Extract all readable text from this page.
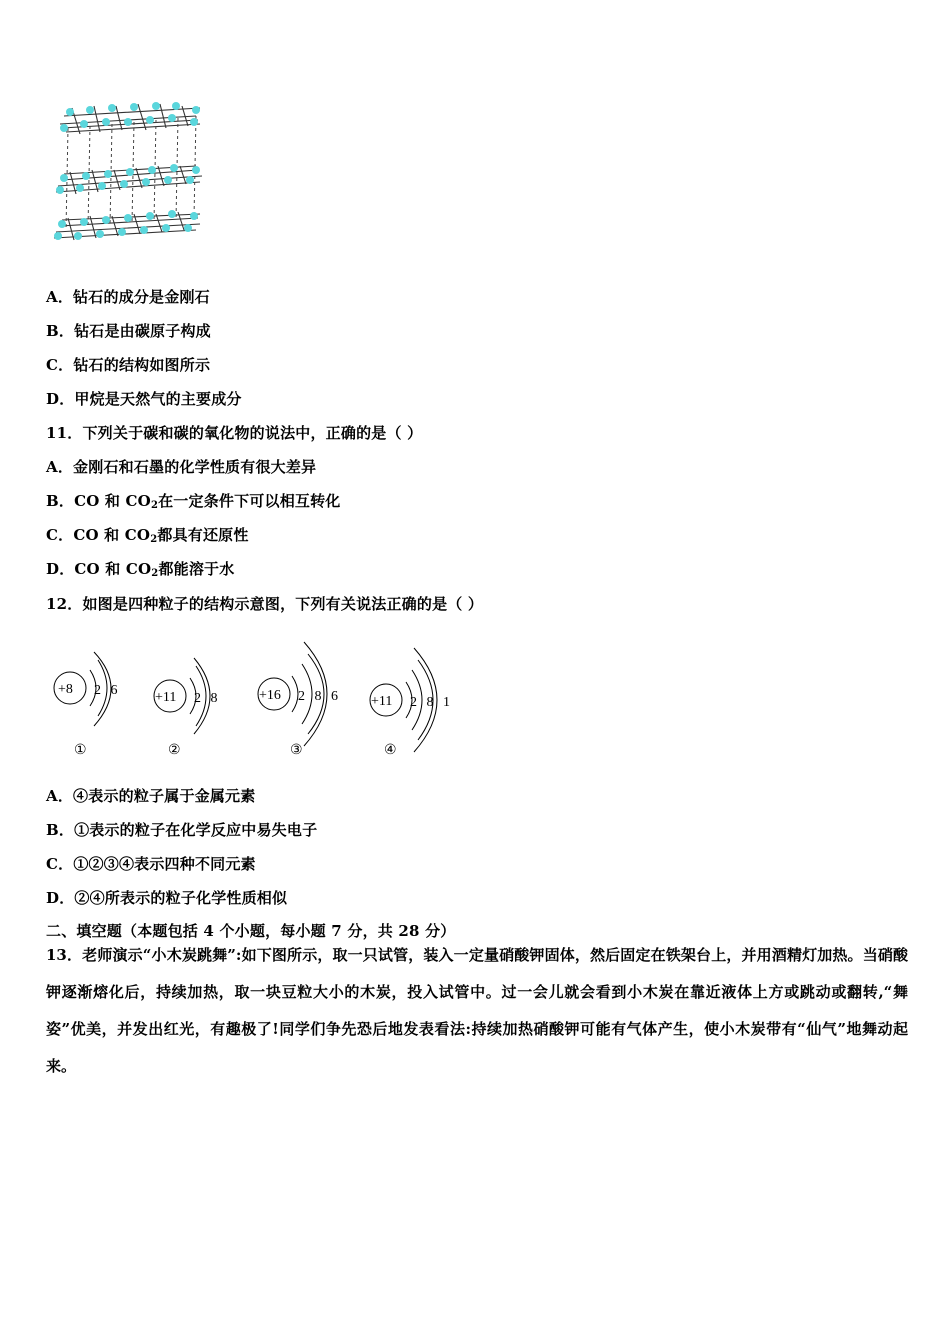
A．钻石的成分是金刚石
B．钻石是由碳原子构成
C．钻石的结构如图所示
D．甲烷是天然气的主要成分
11．下列关于碳和碳的氧化物的说法中，正确的是（ ）
A．金刚石和石墨的化学性质有很大差异
B．CO 和 $CO_2$在一定条件下可以相互转化
C．CO 和 $CO_2$都具有还原性
D．CO 和 $CO_2$都能溶于水
12．如图是四种粒子的结构示意图，下列有关说法正确的是（ ）
+8 2 6
①
+11 2 8
②
+16 2 8 6
③
+11 2 8 1
④
A．④表示的粒子属于金属元素
B．①表示的粒子在化学反应中易失电子
C．①②③④表示四种不同元素
D．②④所表示的粒子化学性质相似
二、填空题（本题包括 4 个小题，每小题 7 分，共 28 分）
13．老师演示“小木炭跳舞”:如下图所示，取一只试管，装入一定量硝酸钾固体，然后固定在铁架台上，并用酒精灯加热。当硝酸钾逐渐熔化后，持续加热，取一块豆粒大小的木炭，投入试管中。过一会儿就会看到小木炭在靠近液体上方或跳动或翻转,“舞姿”优美，并发出红光，有趣极了!同学们争先恐后地发表看法:持续加热硝酸钾可能有气体产生，使小木炭带有“仙气”地舞动起来。
